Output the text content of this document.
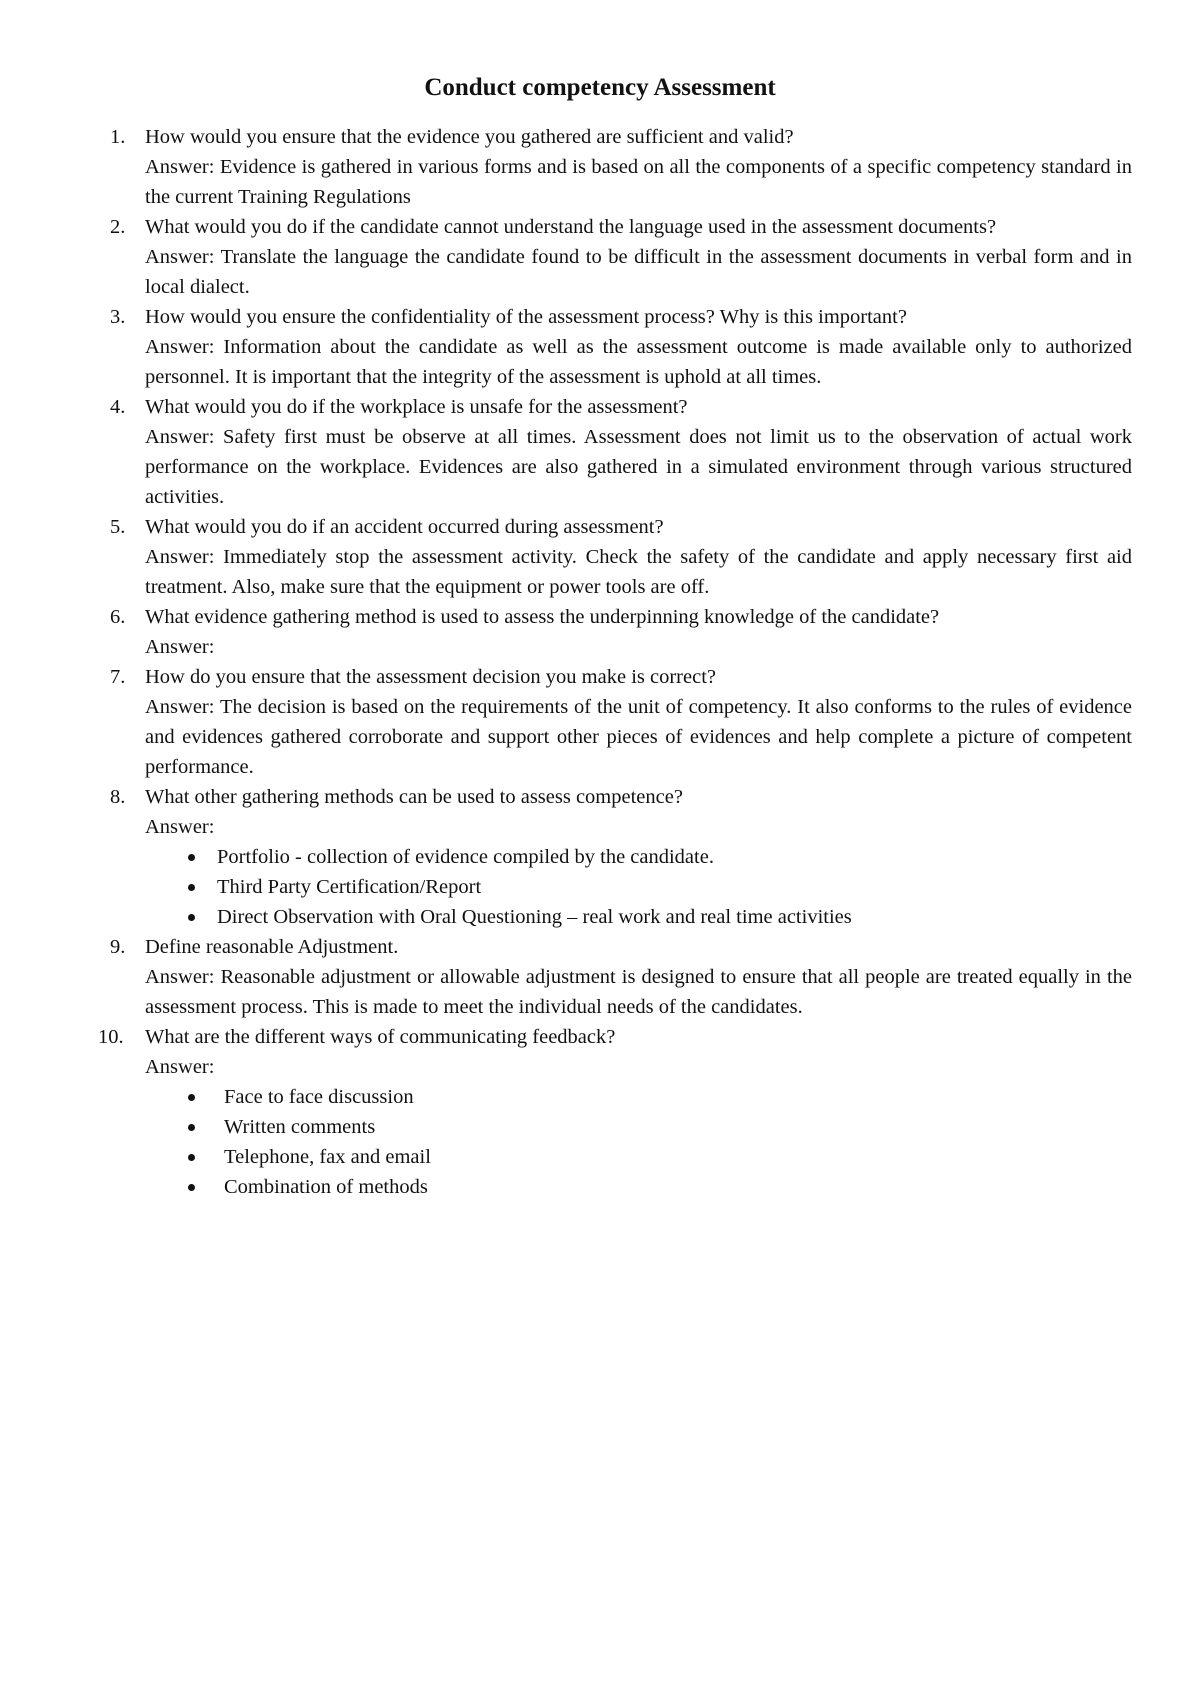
Conduct competency Assessment
1. How would you ensure that the evidence you gathered are sufficient and valid?
Answer: Evidence is gathered in various forms and is based on all the components of a specific competency standard in the current Training Regulations
2. What would you do if the candidate cannot understand the language used in the assessment documents?
Answer: Translate the language the candidate found to be difficult in the assessment documents in verbal form and in local dialect.
3. How would you ensure the confidentiality of the assessment process? Why is this important?
Answer: Information about the candidate as well as the assessment outcome is made available only to authorized personnel. It is important that the integrity of the assessment is uphold at all times.
4. What would you do if the workplace is unsafe for the assessment?
Answer: Safety first must be observe at all times. Assessment does not limit us to the observation of actual work performance on the workplace. Evidences are also gathered in a simulated environment through various structured activities.
5. What would you do if an accident occurred during assessment?
Answer: Immediately stop the assessment activity. Check the safety of the candidate and apply necessary first aid treatment. Also, make sure that the equipment or power tools are off.
6. What evidence gathering method is used to assess the underpinning knowledge of the candidate?
Answer:
7. How do you ensure that the assessment decision you make is correct?
Answer: The decision is based on the requirements of the unit of competency. It also conforms to the rules of evidence and evidences gathered corroborate and support other pieces of evidences and help complete a picture of competent performance.
8. What other gathering methods can be used to assess competence?
Answer:
Portfolio - collection of evidence compiled by the candidate.
Third Party Certification/Report
Direct Observation with Oral Questioning – real work and real time activities
9. Define reasonable Adjustment.
Answer: Reasonable adjustment or allowable adjustment is designed to ensure that all people are treated equally in the assessment process. This is made to meet the individual needs of the candidates.
10.	What are the different ways of communicating feedback?
Answer:
Face to face discussion
Written comments
Telephone, fax and email
Combination of methods
